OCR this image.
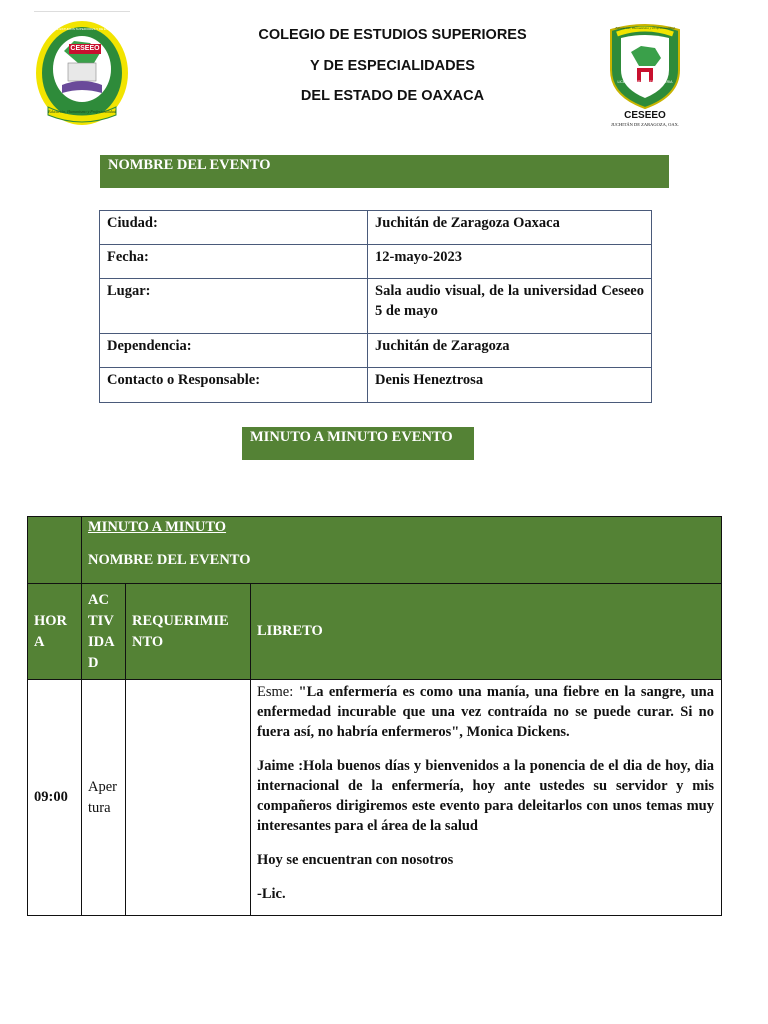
CESEEO
Educación, Humanismo y Profesionalidad
COLEGIO DE ESTUDIOS SUPERIORES Y DE ESPECIALIDADES DEL ESTADO DE OAXACA	COLEGIO DE ESTUDIOS SUPERIORES
Y DE ESPECIALIDADES
DEL ESTADO DE OAXACA
LICENCIATURA EN ENFERMERIA
Educación, Humanismo y Profesionalidad
CESEEO
JUCHITÁN DE ZARAGOZA, OAX.
NOMBRE DEL EVENTO
Ciudad:	Juchitán de Zaragoza Oaxaca
Fecha:	12-mayo-2023
Lugar:	Sala audio visual, de la universidad Ceseeo 5 de mayo
Dependencia:	Juchitán de Zaragoza
Contacto o Responsable:	Denis Heneztrosa
MINUTO A MINUTO EVENTO

	MINUTO A MINUTO
NOMBRE DEL EVENTO		

HOR A	AC TIV IDA D	REQUERIMIE NTO	LIBRETO
09:00	Aper tura		Esme: "La enfermería es como una manía, una fiebre en la sangre, una enfermedad incurable que una vez contraída no se puede curar. Si no fuera así, no habría enfermeros", Monica Dickens.

Jaime :Hola buenos días y bienvenidos a la ponencia de el dia de hoy, dia internacional de la enfermería, hoy ante ustedes su servidor y mis compañeros dirigiremos este evento para deleitarlos con unos temas muy interesantes para el área de la salud

Hoy se encuentran con nosotros

-Lic.
